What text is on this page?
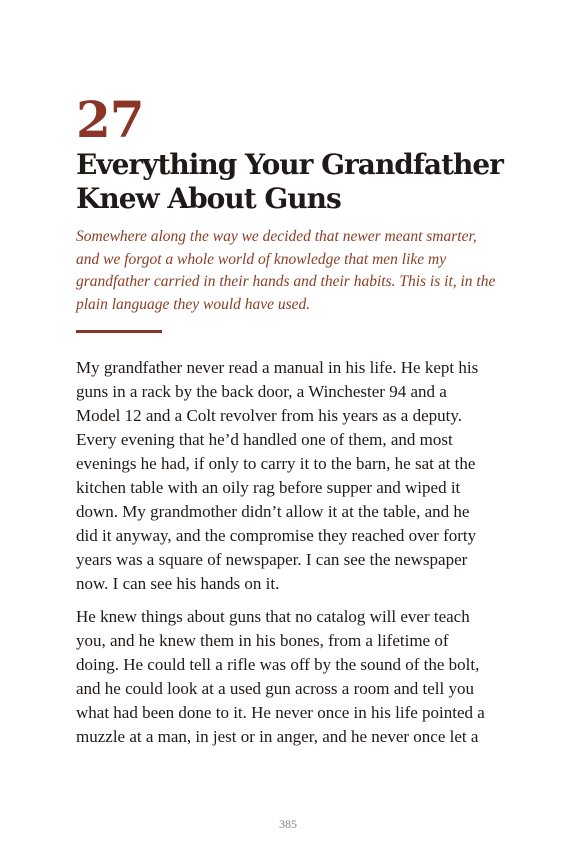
27
Everything Your Grandfather
Knew About Guns
Somewhere along the way we decided that newer meant smarter,
and we forgot a whole world of knowledge that men like my
grandfather carried in their hands and their habits. This is it, in the
plain language they would have used.

My grandfather never read a manual in his life. He kept his
guns in a rack by the back door, a Winchester 94 and a
Model 12 and a Colt revolver from his years as a deputy.
Every evening that he’d handled one of them, and most
evenings he had, if only to carry it to the barn, he sat at the
kitchen table with an oily rag before supper and wiped it
down. My grandmother didn’t allow it at the table, and he
did it anyway, and the compromise they reached over forty
years was a square of newspaper. I can see the newspaper
now. I can see his hands on it.

He knew things about guns that no catalog will ever teach
you, and he knew them in his bones, from a lifetime of
doing. He could tell a rifle was off by the sound of the bolt,
and he could look at a used gun across a room and tell you
what had been done to it. He never once in his life pointed a
muzzle at a man, in jest or in anger, and he never once let a

385
